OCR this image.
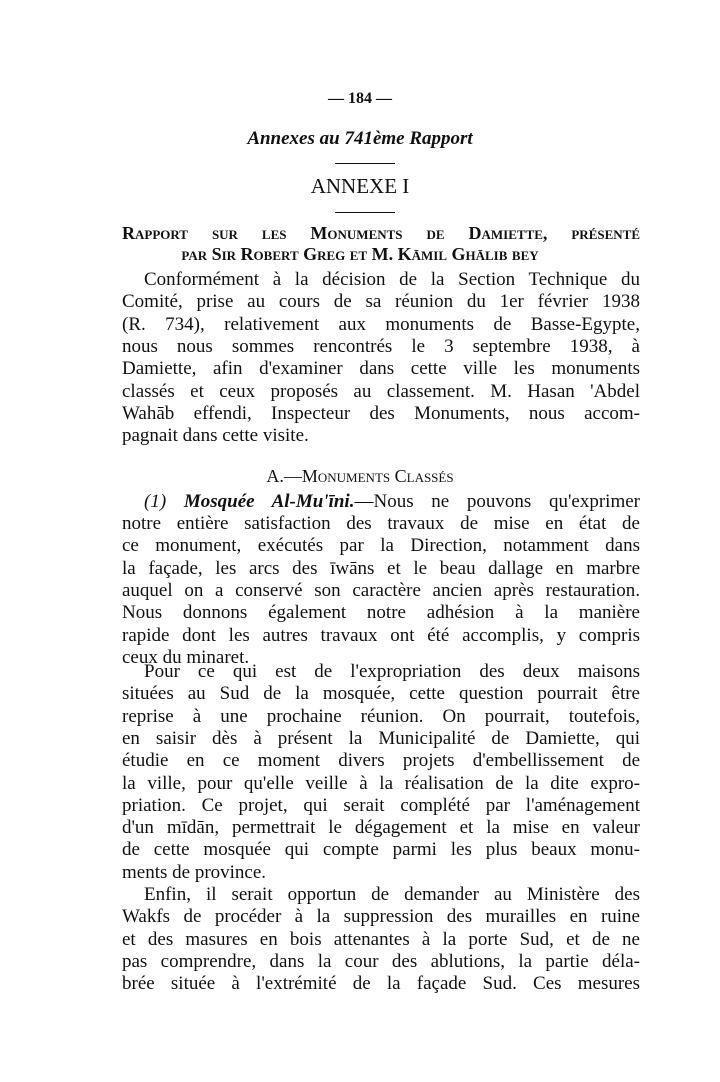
— 184 —
Annexes au 741ème Rapport
ANNEXE I
Rapport sur les Monuments de Damiette, présenté
par Sir Robert Greg et M. Kāmil Ghālib bey
Conformément à la décision de la Section Technique du
Comité, prise au cours de sa réunion du 1er février 1938
(R. 734), relativement aux monuments de Basse-Egypte,
nous nous sommes rencontrés le 3 septembre 1938, à
Damiette, afin d'examiner dans cette ville les monuments
classés et ceux proposés au classement. M. Hasan 'Abdel
Wahāb effendi, Inspecteur des Monuments, nous accom-
pagnait dans cette visite.
A.—Monuments Classés
(1) Mosquée Al-Mu'īni.—Nous ne pouvons qu'exprimer
notre entière satisfaction des travaux de mise en état de
ce monument, exécutés par la Direction, notamment dans
la façade, les arcs des īwāns et le beau dallage en marbre
auquel on a conservé son caractère ancien après restauration.
Nous donnons également notre adhésion à la manière
rapide dont les autres travaux ont été accomplis, y compris
ceux du minaret.
Pour ce qui est de l'expropriation des deux maisons
situées au Sud de la mosquée, cette question pourrait être
reprise à une prochaine réunion. On pourrait, toutefois,
en saisir dès à présent la Municipalité de Damiette, qui
étudie en ce moment divers projets d'embellissement de
la ville, pour qu'elle veille à la réalisation de la dite expro-
priation. Ce projet, qui serait complété par l'aménagement
d'un mīdān, permettrait le dégagement et la mise en valeur
de cette mosquée qui compte parmi les plus beaux monu-
ments de province.
Enfin, il serait opportun de demander au Ministère des
Wakfs de procéder à la suppression des murailles en ruine
et des masures en bois attenantes à la porte Sud, et de ne
pas comprendre, dans la cour des ablutions, la partie déla-
brée située à l'extrémité de la façade Sud. Ces mesures
